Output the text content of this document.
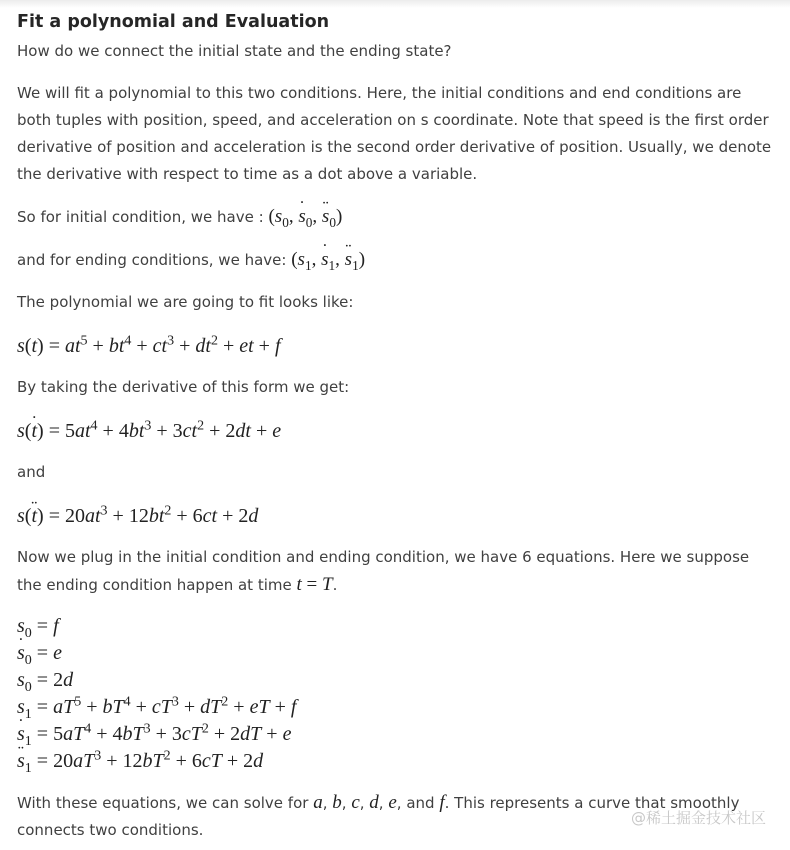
Fit a polynomial and Evaluation

How do we connect the initial state and the ending state?

We will fit a polynomial to this two conditions. Here, the initial conditions and end conditions are both tuples with position, speed, and acceleration on s coordinate. Note that speed is the first order derivative of position and acceleration is the second order derivative of position. Usually, we denote the derivative with respect to time as a dot above a variable.

So for initial condition, we have : ($s_0$, s $˙_0$, s $¨_0$)

and for ending conditions, we have: ($s_1$, s $˙_1$, s $¨_1$)

The polynomial we are going to fit looks like:

$s(t) = at^5 + bt^4 + ct^3 + dt^2$ + et + f

By taking the derivative of this form we get:

s(t ˙) = $5at^4 + 4bt^3 + 3ct^2 + 2dt + e$

and

s(t ¨) = $20at^3 + 12bt^2 + 6ct + 2d$

Now we plug in the initial condition and ending condition, we have 6 equations. Here we suppose the ending condition happen at time t = T.

$s_0 = f$
s $˙_0 = e$
$s_0 = 2d$
$s_1 = aT^5 + bT^4 + cT^3 + dT^2$ + eT + f
s $˙_1 = 5aT^4 + 4bT^3 + 3cT^2 + 2dT + e$
s $¨_1 = 20aT^3 + 12bT^2 + 6cT + 2d$

With these equations, we can solve for a, b, c, d, e, and f. This represents a curve that smoothly connects two conditions.

@稀土掘金技术社区
